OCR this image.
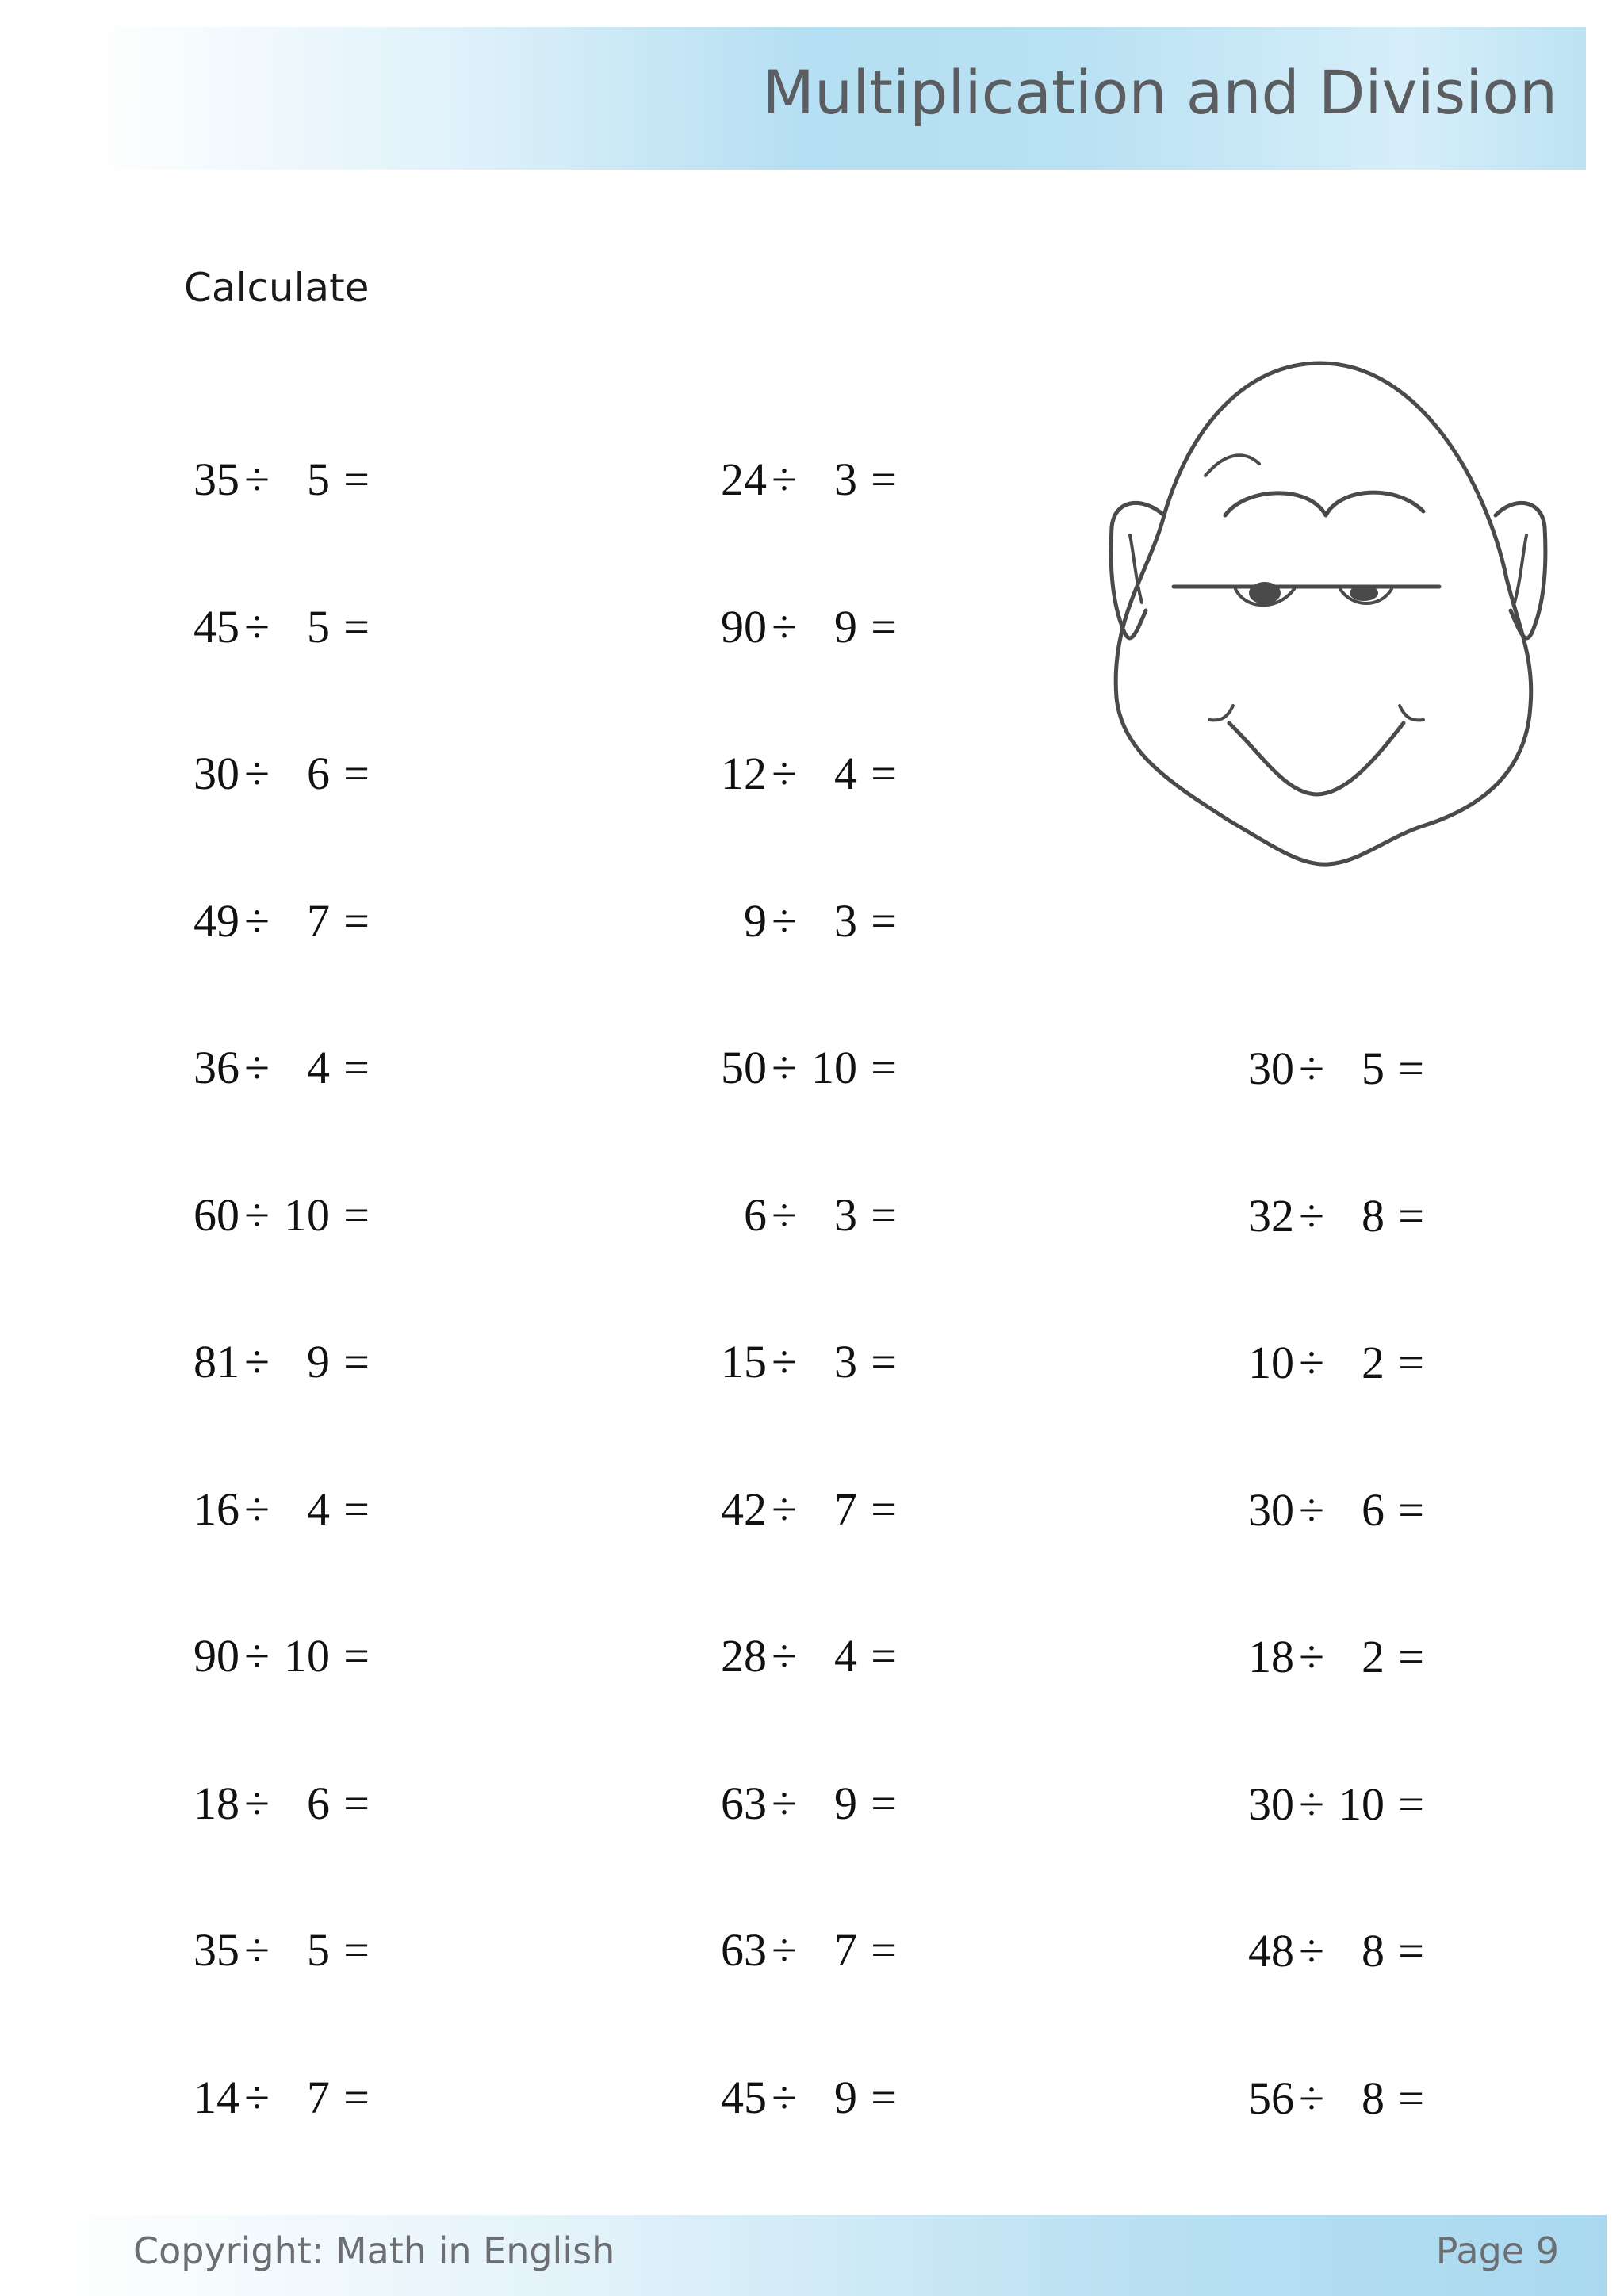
Multiplication and Division
Calculate
35 ÷ 5 =
45 ÷ 5 =
30 ÷ 6 =
49 ÷ 7 =
36 ÷ 4 =
60 ÷ 10 =
81 ÷ 9 =
16 ÷ 4 =
90 ÷ 10 =
18 ÷ 6 =
35 ÷ 5 =
14 ÷ 7 =
24 ÷ 3 =
90 ÷ 9 =
12 ÷ 4 =
9 ÷ 3 =
50 ÷ 10 =
6 ÷ 3 =
15 ÷ 3 =
42 ÷ 7 =
28 ÷ 4 =
63 ÷ 9 =
63 ÷ 7 =
45 ÷ 9 =
30 ÷ 5 =
32 ÷ 8 =
10 ÷ 2 =
30 ÷ 6 =
18 ÷ 2 =
30 ÷ 10 =
48 ÷ 8 =
56 ÷ 8 =
Copyright: Math in English	Page 9
